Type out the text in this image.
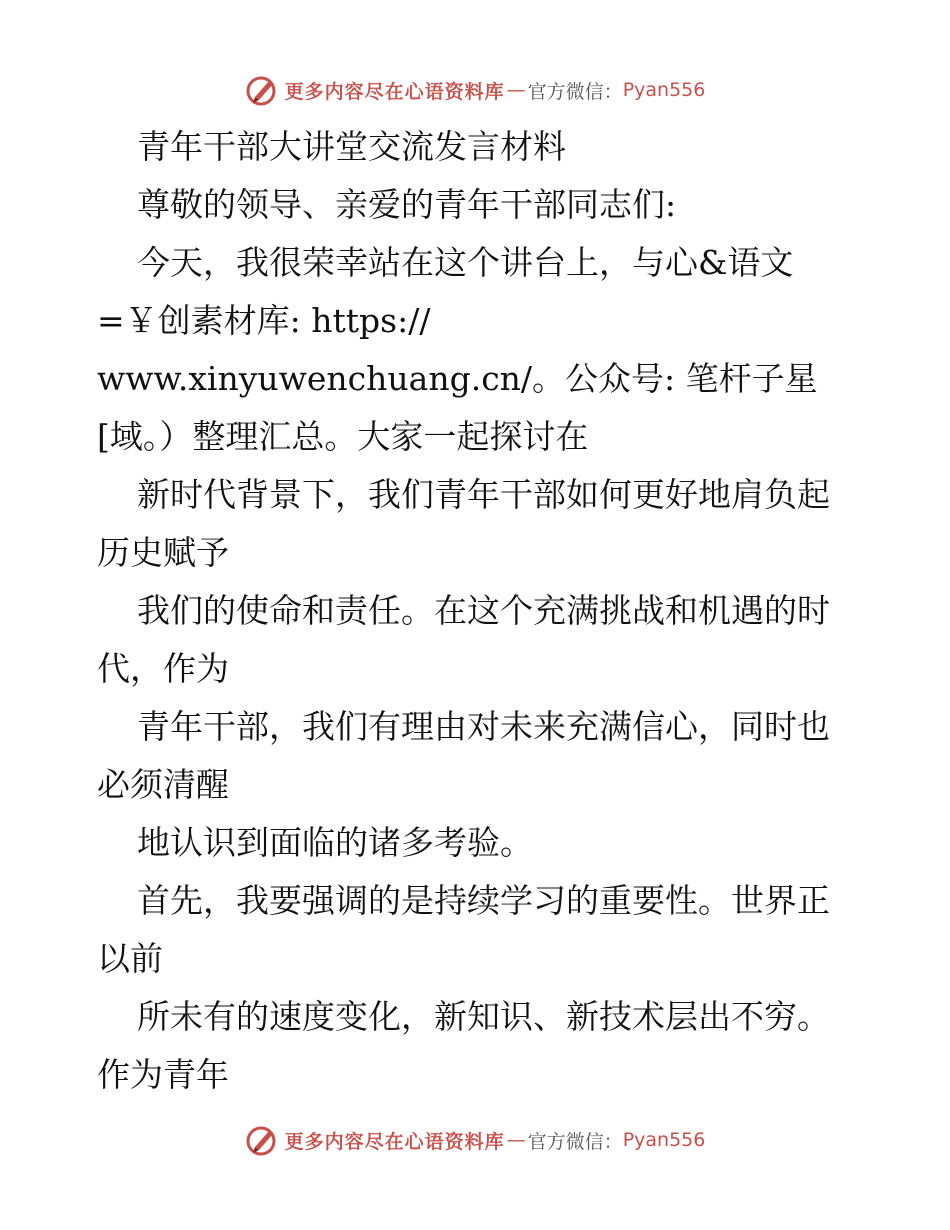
更多内容尽在心语资料库 — 官方微信： Pyan556
青年干部大讲堂交流发言材料
尊敬的领导、亲爱的青年干部同志们:
今天，我很荣幸站在这个讲台上，与心&语文
=￥创素材库: https://
www.xinyuwenchuang.cn/。公众号: 笔杆子星
[域。）整理汇总。大家一起探讨在
新时代背景下，我们青年干部如何更好地肩负起
历史赋予
我们的使命和责任。在这个充满挑战和机遇的时
代，作为
青年干部，我们有理由对未来充满信心，同时也
必须清醒
地认识到面临的诸多考验。
首先，我要强调的是持续学习的重要性。世界正
以前
所未有的速度变化，新知识、新技术层出不穷。
作为青年
更多内容尽在心语资料库 — 官方微信： Pyan556
